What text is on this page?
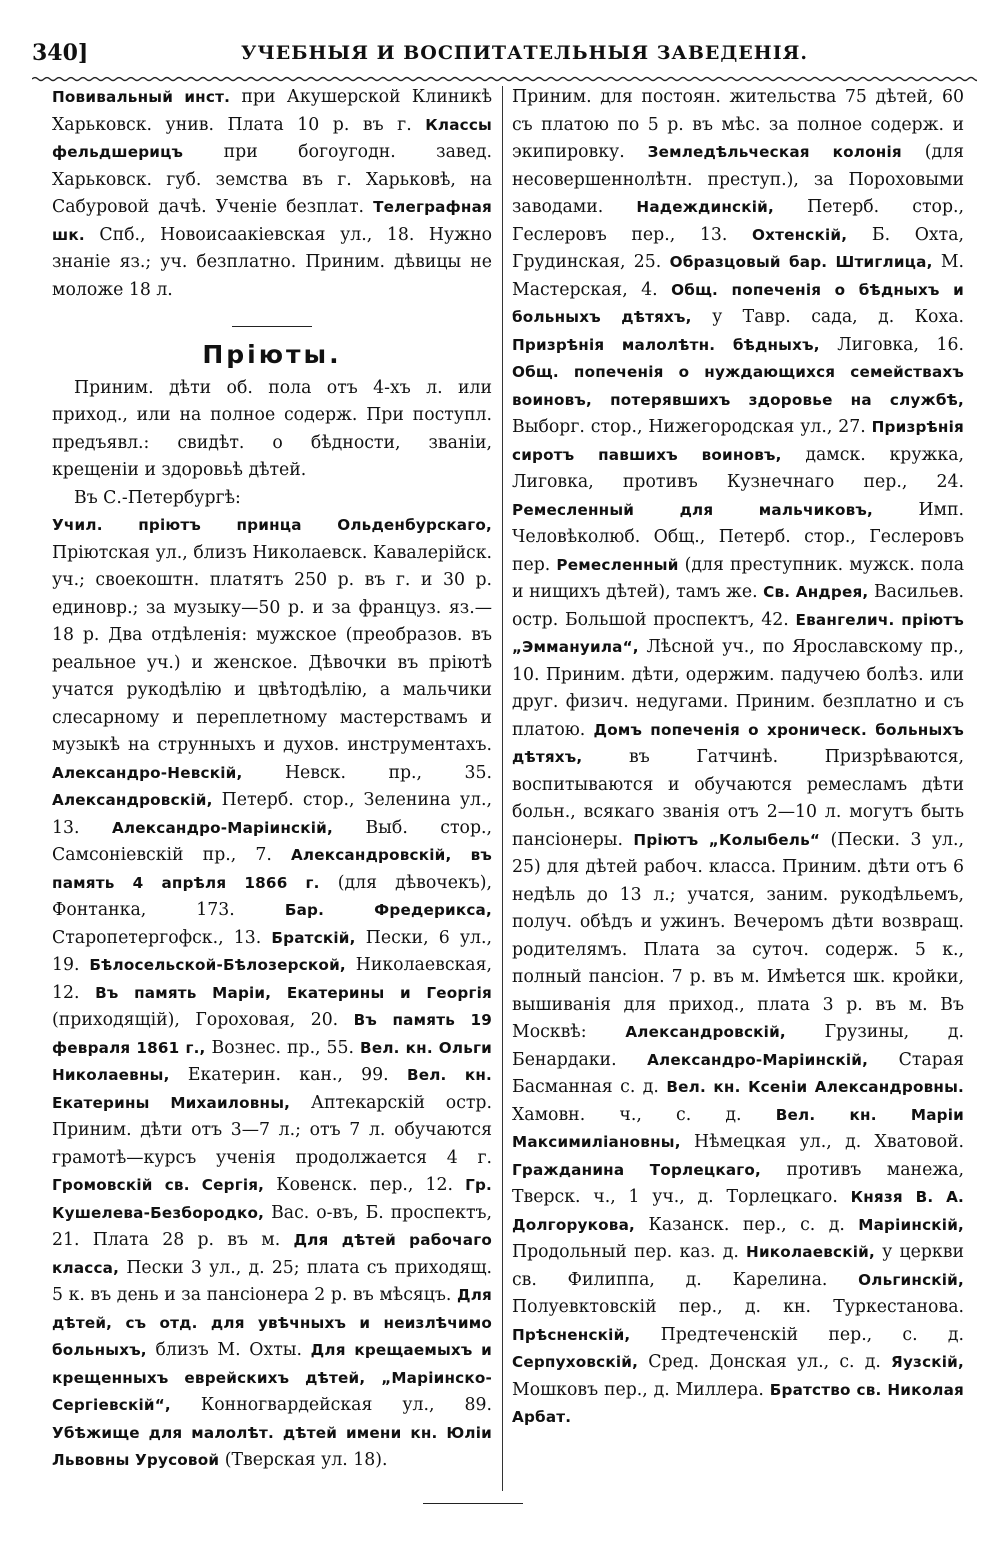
340]	УЧЕБНЫЯ И ВОСПИТАТЕЛЬНЫЯ ЗАВЕДЕНІЯ.

Повивальный инст. при Акушерской Клиникѣ Харьковск. унив. Плата 10 р. въ г. Классы фельдшерицъ при богоугодн. завед. Харьковск. губ. земства въ г. Харьковѣ, на Сабуровой дачѣ. Ученіе безплат. Телеграфная шк. Спб., Новоисаакіевская ул., 18. Нужно знаніе яз.; уч. безплатно. Приним. дѣвицы не моложе 18 л.

Пріюты.

Приним. дѣти об. пола отъ 4-хъ л. или приход., или на полное содерж. При поступл. предъявл.: свидѣт. о бѣдности, званіи, крещеніи и здоровьѣ дѣтей.

Въ С.-Петербургѣ:

Учил. пріютъ принца Ольденбурскаго, Пріютская ул., близъ Николаевск. Кавалерійск. уч.; своекоштн. платятъ 250 р. въ г. и 30 р. единовр.; за музыку—50 р. и за француз. яз.—18 р. Два отдѣленія: мужское (преобразов. въ реальное уч.) и женское. Дѣвочки въ пріютѣ учатся рукодѣлію и цвѣтодѣлію, а мальчики слесарному и переплетному мастерствамъ и музыкѣ на струнныхъ и духов. инструментахъ. Александро-Невскій, Невск. пр., 35. Александровскій, Петерб. стор., Зеленина ул., 13. Александро-Маріинскій, Выб. стор., Самсоніевскій пр., 7. Александровскій, въ память 4 апрѣля 1866 г. (для дѣвочекъ), Фонтанка, 173. Бар. Фредерикса, Старопетергофск., 13. Братскій, Пески, 6 ул., 19. Бѣлосельской-Бѣлозерской, Николаевская, 12. Въ память Маріи, Екатерины и Георгія (приходящій), Гороховая, 20. Въ память 19 февраля 1861 г., Вознес. пр., 55. Вел. кн. Ольги Николаевны, Екатерин. кан., 99. Вел. кн. Екатерины Михаиловны, Аптекарскій остр. Приним. дѣти отъ 3—7 л.; отъ 7 л. обучаются грамотѣ—курсъ ученія продолжается 4 г. Громовскій св. Сергія, Ковенск. пер., 12. Гр. Кушелева-Безбородко, Вас. о-въ, Б. проспектъ, 21. Плата 28 р. въ м. Для дѣтей рабочаго класса, Пески 3 ул., д. 25; плата съ приходящ. 5 к. въ день и за пансіонера 2 р. въ мѣсяцъ. Для дѣтей, съ отд. для увѣчныхъ и неизлѣчимо больныхъ, близъ М. Охты. Для крещаемыхъ и крещенныхъ еврейскихъ дѣтей, „Маріинско-Сергіевскій“, Конногвардейская ул., 89. Убѣжище для малолѣт. дѣтей имени кн. Юліи Львовны Урусовой (Тверская ул. 18).

Приним. для постоян. жительства 75 дѣтей, 60 съ платою по 5 р. въ мѣс. за полное содерж. и экипировку. Земледѣльческая колонія (для несовершеннолѣтн. преступ.), за Пороховыми заводами. Надеждинскій, Петерб. стор., Геслеровъ пер., 13. Охтенскій, Б. Охта, Грудинская, 25. Образцовый бар. Штиглица, М. Мастерская, 4. Общ. попеченія о бѣдныхъ и больныхъ дѣтяхъ, у Тавр. сада, д. Коха. Призрѣнія малолѣтн. бѣдныхъ, Лиговка, 16. Общ. попеченія о нуждающихся семействахъ воиновъ, потерявшихъ здоровье на службѣ, Выборг. стор., Нижегородская ул., 27. Призрѣнія сиротъ павшихъ воиновъ, дамск. кружка, Лиговка, противъ Кузнечнаго пер., 24. Ремесленный для мальчиковъ, Имп. Человѣколюб. Общ., Петерб. стор., Геслеровъ пер. Ремесленный (для преступник. мужск. пола и нищихъ дѣтей), тамъ же. Св. Андрея, Васильев. остр. Большой проспектъ, 42. Евангелич. пріютъ „Эммануила“, Лѣсной уч., по Ярославскому пр., 10. Приним. дѣти, одержим. падучею болѣз. или друг. физич. недугами. Приним. безплатно и съ платою. Домъ попеченія о хроническ. больныхъ дѣтяхъ, въ Гатчинѣ. Призрѣваются, воспитываются и обучаются ремесламъ дѣти больн., всякаго званія отъ 2—10 л. могутъ быть пансіонеры. Пріютъ „Колыбель“ (Пески. 3 ул., 25) для дѣтей рабоч. класса. Приним. дѣти отъ 6 недѣль до 13 л.; учатся, заним. рукодѣльемъ, получ. обѣдъ и ужинъ. Вечеромъ дѣти возвращ. родителямъ. Плата за суточ. содерж. 5 к., полный пансіон. 7 р. въ м. Имѣется шк. кройки, вышиванія для приход., плата 3 р. въ м. Въ Москвѣ: Александровскій, Грузины, д. Бенардаки. Александро-Маріинскій, Старая Басманная с. д. Вел. кн. Ксеніи Александровны. Хамовн. ч., с. д. Вел. кн. Маріи Максимиліановны, Нѣмецкая ул., д. Хватовой. Гражданина Торлецкаго, противъ манежа, Тверск. ч., 1 уч., д. Торлецкаго. Князя В. А. Долгорукова, Казанск. пер., с. д. Маріинскій, Продольный пер. каз. д. Николаевскій, у церкви св. Филиппа, д. Карелина. Ольгинскій, Полуевктовскій пер., д. кн. Туркестанова. Прѣсненскій, Предтеченскій пер., с. д. Серпуховскій, Сред. Донская ул., с. д. Яузскій, Мошковъ пер., д. Миллера. Братство св. Николая Арбат.
